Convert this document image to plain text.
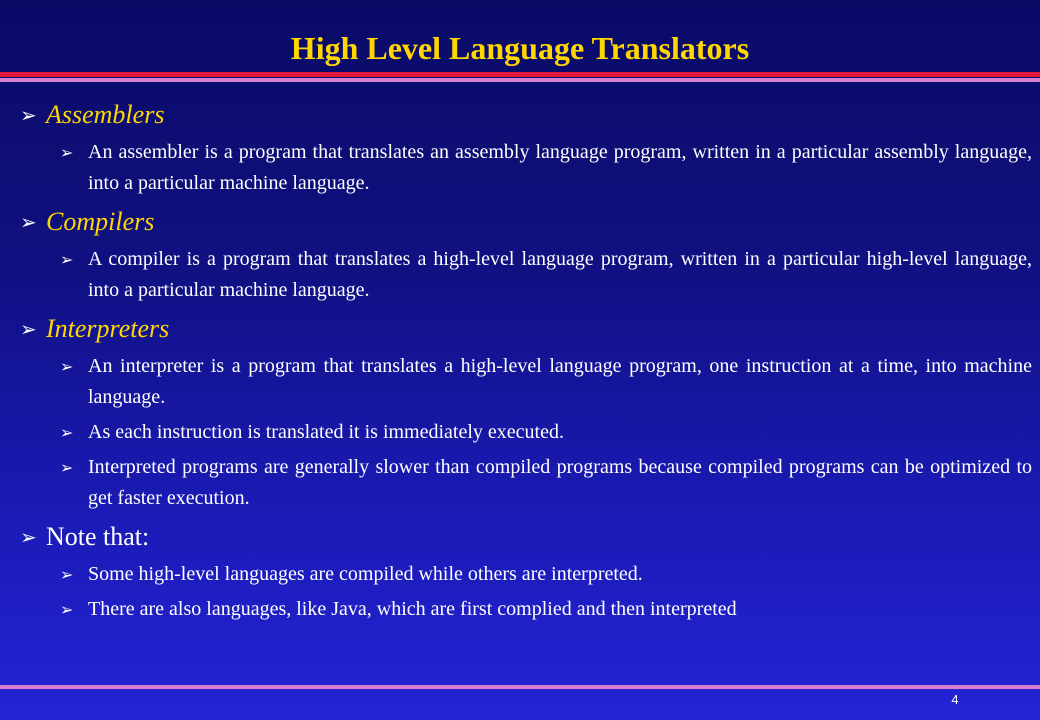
High Level Language Translators
➢ Assemblers
➢ An assembler is a program that translates an assembly language program, written in a particular assembly language, into a particular machine language.
➢ Compilers
➢ A compiler is a program that translates a high-level language program, written in a particular high-level language, into a particular machine language.
➢ Interpreters
➢ An interpreter is a program that translates a high-level language program, one instruction at a time, into machine language.
➢ As each instruction is translated it is immediately executed.
➢ Interpreted programs are generally slower than compiled programs because compiled programs can be optimized to get faster execution.
➢ Note that:
➢ Some high-level languages are compiled while others are interpreted.
➢ There are also languages, like Java, which are first complied and then interpreted
4
